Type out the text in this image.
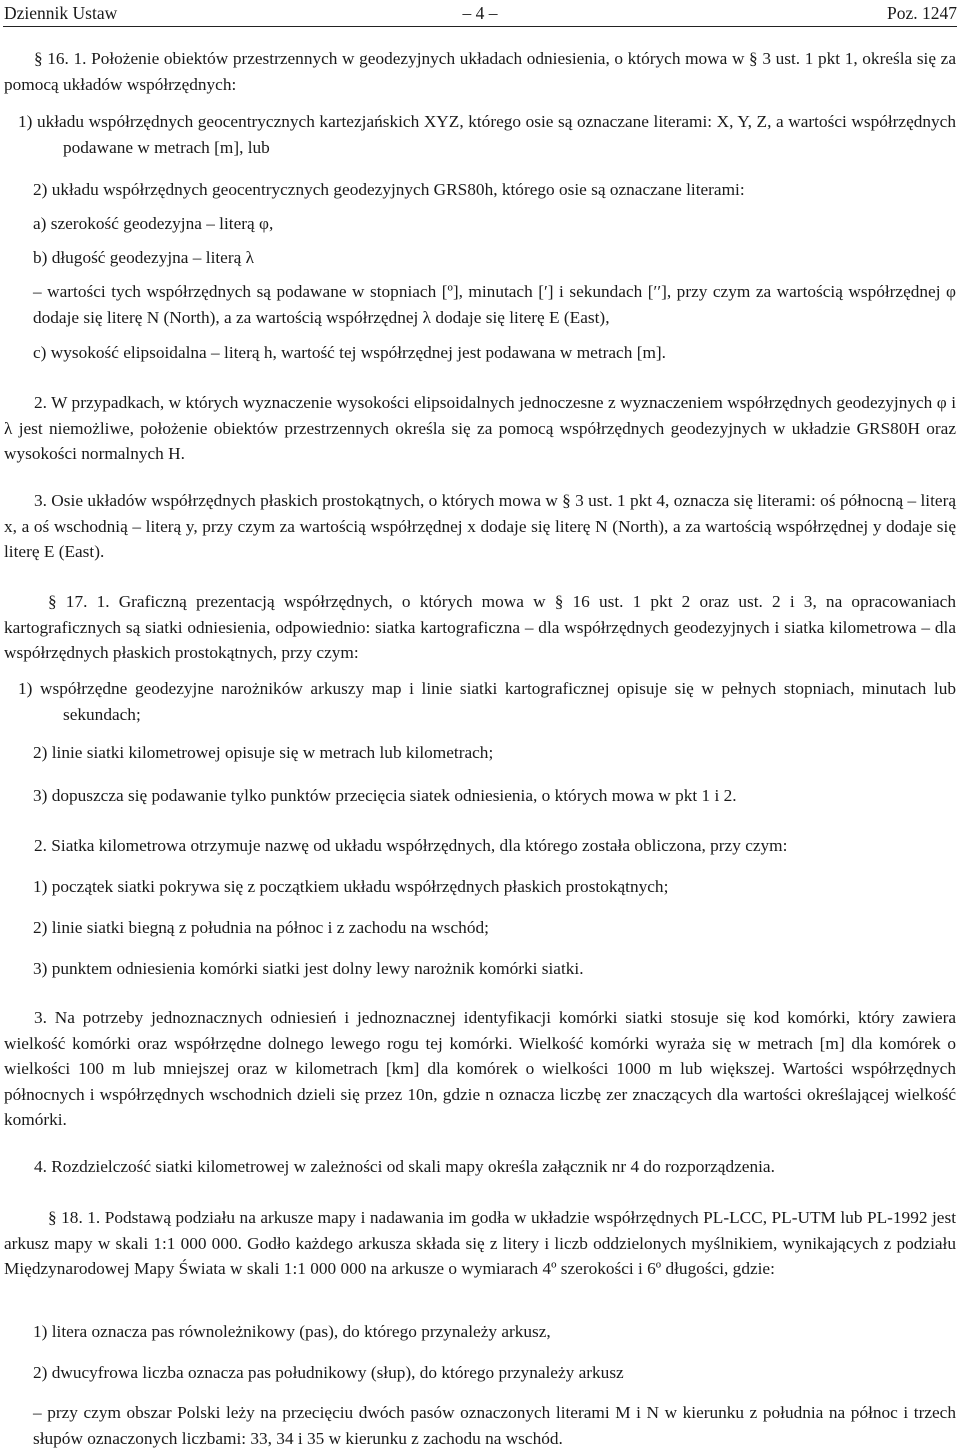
Dziennik Ustaw	– 4 –	Poz. 1247

§ 16. 1. Położenie obiektów przestrzennych w geodezyjnych układach odniesienia, o których mowa w § 3 ust. 1 pkt 1, określa się za pomocą układów współrzędnych:

1) układu współrzędnych geocentrycznych kartezjańskich XYZ, którego osie są oznaczane literami: X, Y, Z, a wartości współrzędnych podawane w metrach [m], lub

2) układu współrzędnych geocentrycznych geodezyjnych GRS80h, którego osie są oznaczane literami:

a) szerokość geodezyjna – literą φ,

b) długość geodezyjna – literą λ

– wartości tych współrzędnych są podawane w stopniach [º], minutach [ʹ] i sekundach [ʹʹ], przy czym za wartością współrzędnej φ dodaje się literę N (North), a za wartością współrzędnej λ dodaje się literę E (East),

c) wysokość elipsoidalna – literą h, wartość tej współrzędnej jest podawana w metrach [m].

2. W przypadkach, w których wyznaczenie wysokości elipsoidalnych jednoczesne z wyznaczeniem współrzędnych geodezyjnych φ i λ jest niemożliwe, położenie obiektów przestrzennych określa się za pomocą współrzędnych geodezyjnych w układzie GRS80H oraz wysokości normalnych H.

3. Osie układów współrzędnych płaskich prostokątnych, o których mowa w § 3 ust. 1 pkt 4, oznacza się literami: oś północną – literą x, a oś wschodnią – literą y, przy czym za wartością współrzędnej x dodaje się literę N (North), a za wartością współrzędnej y dodaje się literę E (East).

§ 17. 1. Graficzną prezentacją współrzędnych, o których mowa w § 16 ust. 1 pkt 2 oraz ust. 2 i 3, na opracowaniach kartograficznych są siatki odniesienia, odpowiednio: siatka kartograficzna – dla współrzędnych geodezyjnych i siatka kilometrowa – dla współrzędnych płaskich prostokątnych, przy czym:

1) współrzędne geodezyjne narożników arkuszy map i linie siatki kartograficznej opisuje się w pełnych stopniach, minutach lub sekundach;

2) linie siatki kilometrowej opisuje się w metrach lub kilometrach;

3) dopuszcza się podawanie tylko punktów przecięcia siatek odniesienia, o których mowa w pkt 1 i 2.

2. Siatka kilometrowa otrzymuje nazwę od układu współrzędnych, dla którego została obliczona, przy czym:

1) początek siatki pokrywa się z początkiem układu współrzędnych płaskich prostokątnych;

2) linie siatki biegną z południa na północ i z zachodu na wschód;

3) punktem odniesienia komórki siatki jest dolny lewy narożnik komórki siatki.

3. Na potrzeby jednoznacznych odniesień i jednoznacznej identyfikacji komórki siatki stosuje się kod komórki, który zawiera wielkość komórki oraz współrzędne dolnego lewego rogu tej komórki. Wielkość komórki wyraża się w metrach [m] dla komórek o wielkości 100 m lub mniejszej oraz w kilometrach [km] dla komórek o wielkości 1000 m lub większej. Wartości współrzędnych północnych i współrzędnych wschodnich dzieli się przez 10n, gdzie n oznacza liczbę zer znaczących dla wartości określającej wielkość komórki.

4. Rozdzielczość siatki kilometrowej w zależności od skali mapy określa załącznik nr 4 do rozporządzenia.

§ 18. 1. Podstawą podziału na arkusze mapy i nadawania im godła w układzie współrzędnych PL-LCC, PL-UTM lub PL-1992 jest arkusz mapy w skali 1:1 000 000. Godło każdego arkusza składa się z litery i liczb oddzielonych myślnikiem, wynikających z podziału Międzynarodowej Mapy Świata w skali 1:1 000 000 na arkusze o wymiarach 4º szerokości i 6º długości, gdzie:

1) litera oznacza pas równoleżnikowy (pas), do którego przynależy arkusz,

2) dwucyfrowa liczba oznacza pas południkowy (słup), do którego przynależy arkusz

– przy czym obszar Polski leży na przecięciu dwóch pasów oznaczonych literami M i N w kierunku z południa na północ i trzech słupów oznaczonych liczbami: 33, 34 i 35 w kierunku z zachodu na wschód.
